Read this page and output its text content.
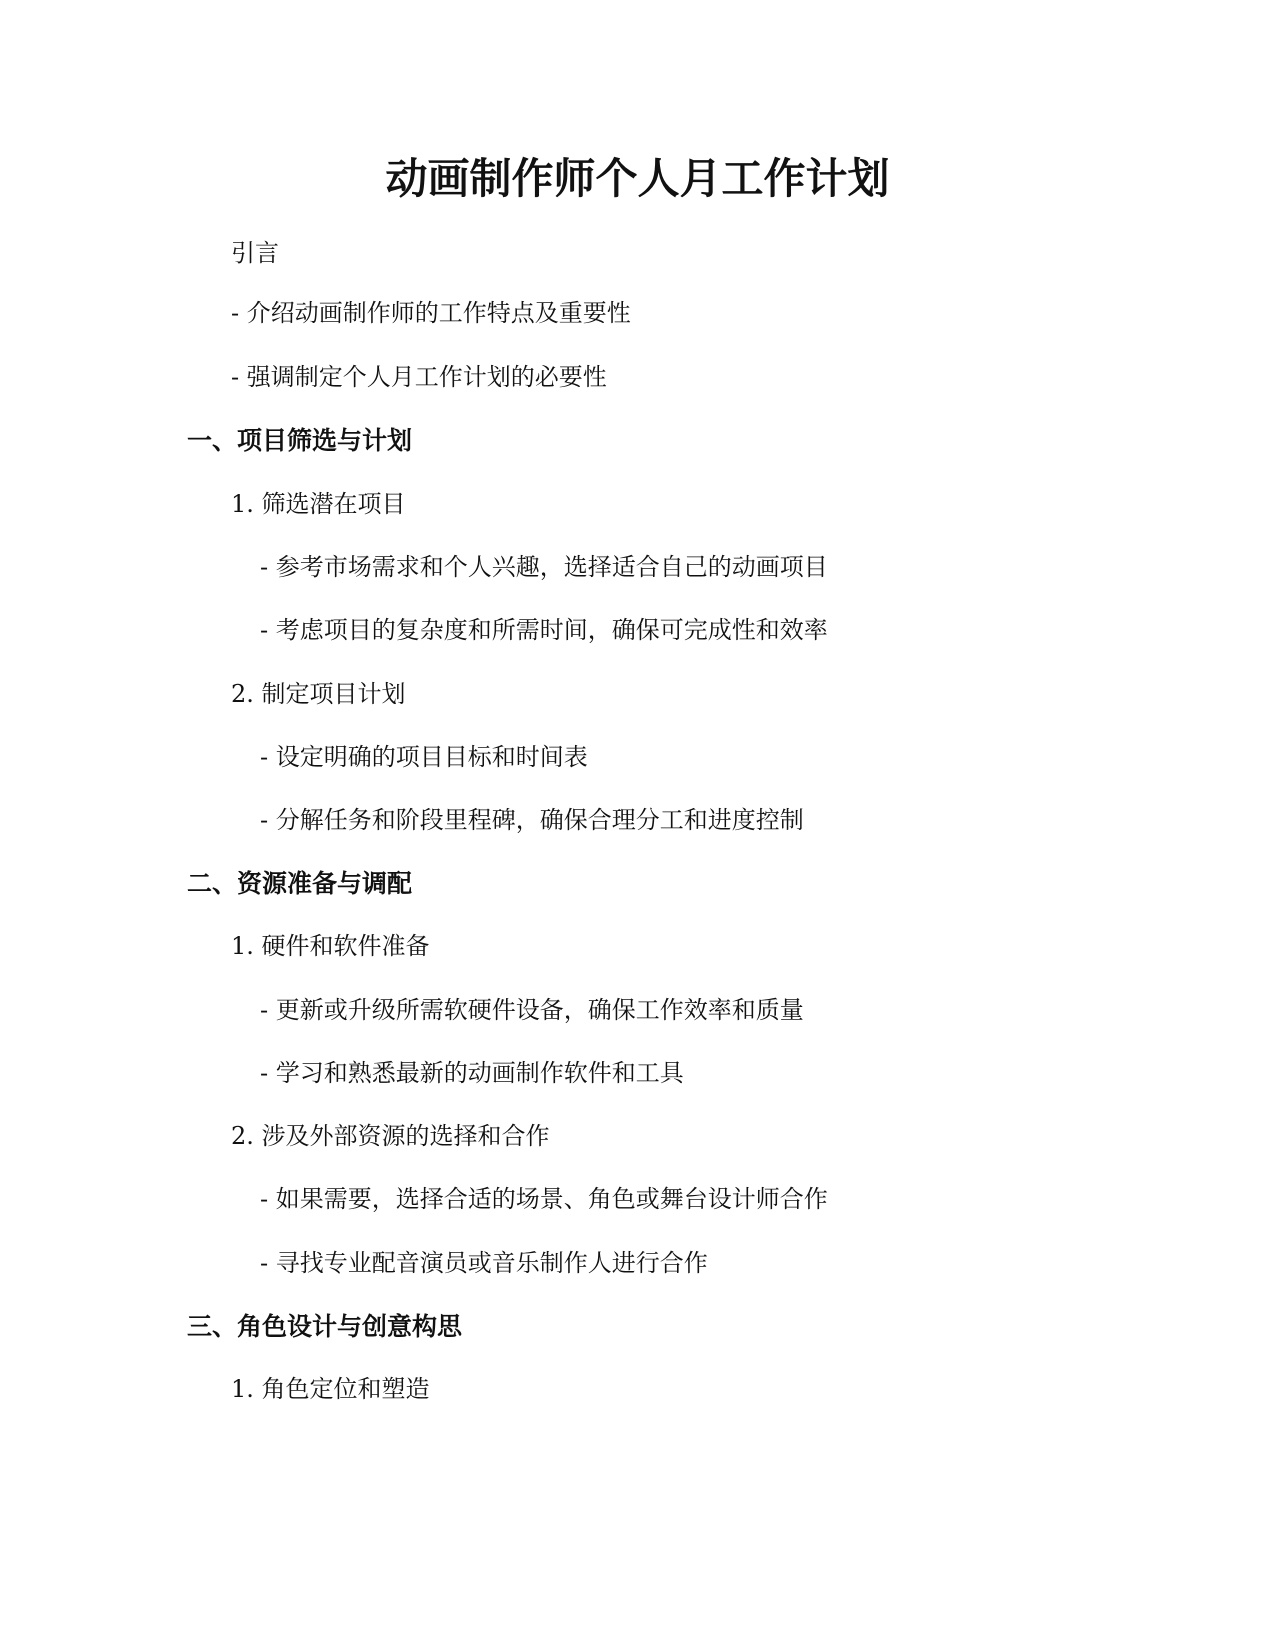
动画制作师个人月工作计划

引言

- 介绍动画制作师的工作特点及重要性

- 强调制定个人月工作计划的必要性

一、项目筛选与计划

1. 筛选潜在项目

- 参考市场需求和个人兴趣，选择适合自己的动画项目

- 考虑项目的复杂度和所需时间，确保可完成性和效率

2. 制定项目计划

- 设定明确的项目目标和时间表

- 分解任务和阶段里程碑，确保合理分工和进度控制

二、资源准备与调配

1. 硬件和软件准备

- 更新或升级所需软硬件设备，确保工作效率和质量

- 学习和熟悉最新的动画制作软件和工具

2. 涉及外部资源的选择和合作

- 如果需要，选择合适的场景、角色或舞台设计师合作

- 寻找专业配音演员或音乐制作人进行合作

三、角色设计与创意构思

1. 角色定位和塑造
